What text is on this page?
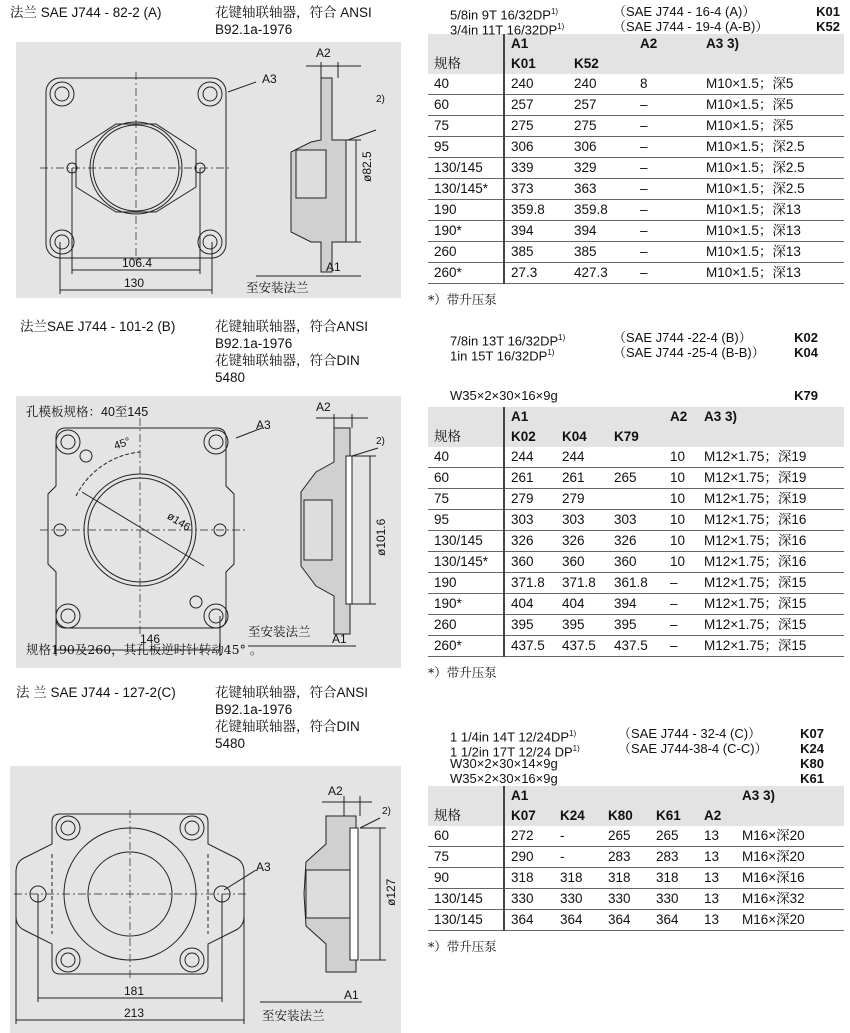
法兰 SAE J744 - 82-2 (A)	花键轴联轴器，符合 ANSI
B92.1a-1976
A3
A2
2)
ø82.5
106.4
130
A1
至安装法兰
法兰SAE J744 - 101-2 (B)	花键轴联轴器，符合ANSI
B92.1a-1976
花键轴联轴器，符合DIN
5480
孔模板规格：40至145
45°
ø146
A3
A2
2)
ø101.6
146	A1
至安装法兰
规格190及260，其孔板逆时针转动45° 。
法 兰 SAE J744 - 127-2(C)	花键轴联轴器，符合ANSI
B92.1a-1976
花键轴联轴器，符合DIN
5480
A3
A2
2)
ø127
181
213
A1
至安装法兰
5/8in 9T 16/32DP$^{1)}$	（SAE J744 - 16-4 (A)）	K01
3/4in 11T 16/32DP$^{1)}$	（SAE J744 - 19-4 (A-B)）	K52
	A1		A2	A3 3)
规格	K01	K52		
40	240	240	8	M10×1.5；深5
60	257	257	–	M10×1.5；深5
75	275	275	–	M10×1.5；深5
95	306	306	–	M10×1.5；深2.5
130/145	339	329	–	M10×1.5；深2.5
130/145*	373	363	–	M10×1.5；深2.5
190	359.8	359.8	–	M10×1.5；深13
190*	394	394	–	M10×1.5；深13
260	385	385	–	M10×1.5；深13
260*	27.3	427.3	–	M10×1.5；深13
*）带升压泵
7/8in 13T 16/32DP$^{1)}$	（SAE J744 -22-4 (B)）	K02
1in 15T 16/32DP$^{1)}$	（SAE J744 -25-4 (B-B)） K04
W35×2×30×16×9g	K79
	A1			A2	A3 3)
规格	K02	K04	K79		
40	244	244		10	M12×1.75；深19
60	261	261	265	10	M12×1.75；深19
75	279	279		10	M12×1.75；深19
95	303	303	303	10	M12×1.75；深16
130/145	326	326	326	10	M12×1.75；深16
130/145*	360	360	360	10	M12×1.75；深16
190	371.8	371.8	361.8	–	M12×1.75；深15
190*	404	404	394	–	M12×1.75；深15
260	395	395	395	–	M12×1.75；深15
260*	437.5	437.5	437.5	–	M12×1.75；深15
*）带升压泵
1 1/4in 14T 12/24DP$^{1)}$	（SAE J744 - 32-4 (C)）	K07
1 1/2in 17T 12/24 DP$^{1)}$	（SAE J744-38-4 (C-C)）	K24
W30×2×30×14×9g	K80
W35×2×30×16×9g	K61
	A1					A3 3)
规格	K07	K24	K80	K61	A2	
60	272	-	265	265	13	M16×深20
75	290	-	283	283	13	M16×深20
90	318	318	318	318	13	M16×深16
130/145	330	330	330	330	13	M16×深32
130/145	364	364	364	364	13	M16×深20
*）带升压泵
